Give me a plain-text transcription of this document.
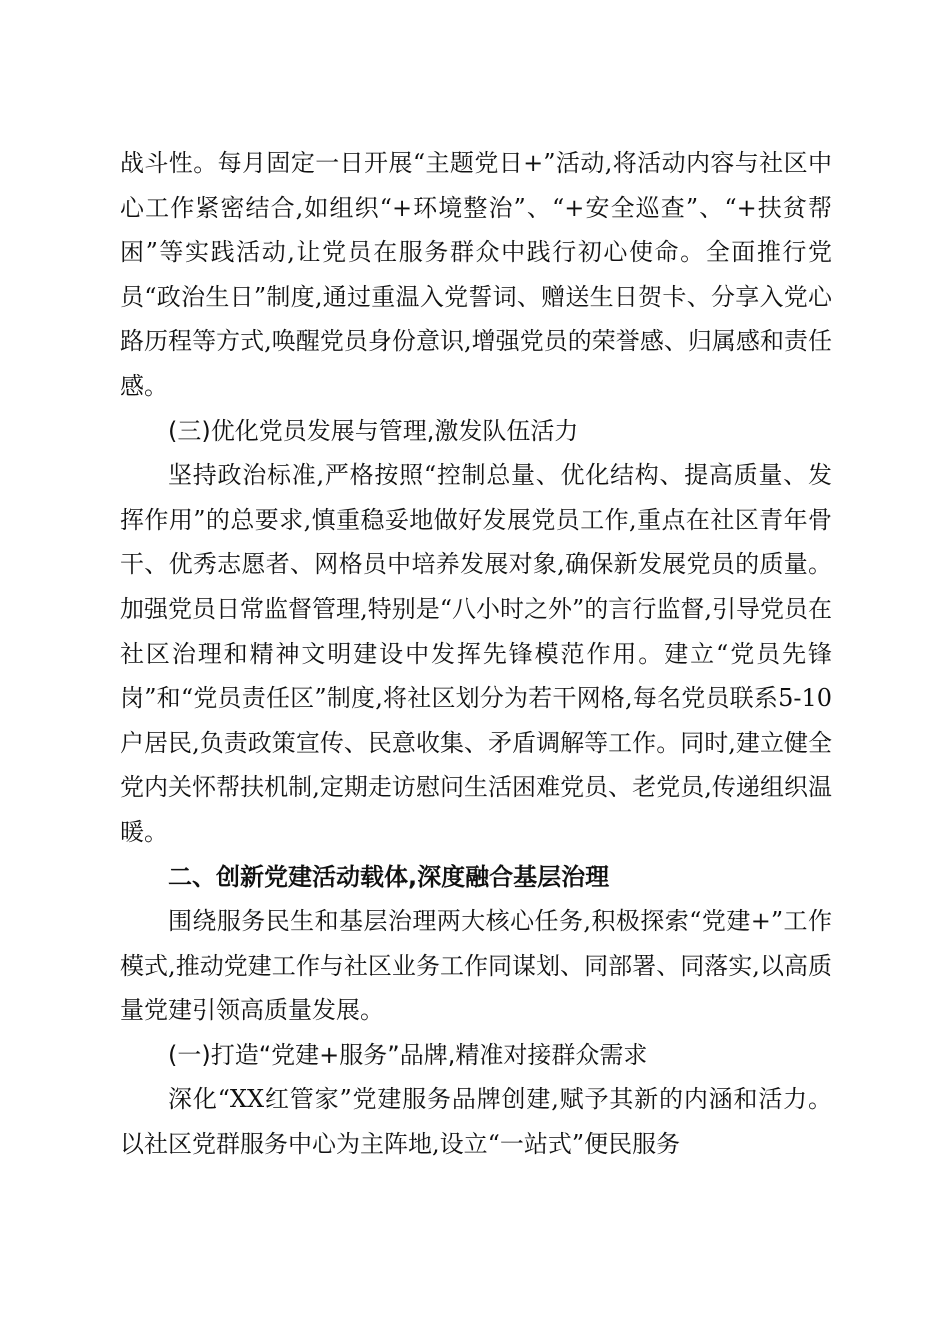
战斗性。每月固定一日开展“主题党日+”活动,将活动内容与社区中心工作紧密结合,如组织“+环境整治”、“+安全巡查”、“+扶贫帮困”等实践活动,让党员在服务群众中践行初心使命。全面推行党员“政治生日”制度,通过重温入党誓词、赠送生日贺卡、分享入党心路历程等方式,唤醒党员身份意识,增强党员的荣誉感、归属感和责任感。

(三)优化党员发展与管理,激发队伍活力

坚持政治标准,严格按照“控制总量、优化结构、提高质量、发挥作用”的总要求,慎重稳妥地做好发展党员工作,重点在社区青年骨干、优秀志愿者、网格员中培养发展对象,确保新发展党员的质量。加强党员日常监督管理,特别是“八小时之外”的言行监督,引导党员在社区治理和精神文明建设中发挥先锋模范作用。建立“党员先锋岗”和“党员责任区”制度,将社区划分为若干网格,每名党员联系5-10户居民,负责政策宣传、民意收集、矛盾调解等工作。同时,建立健全党内关怀帮扶机制,定期走访慰问生活困难党员、老党员,传递组织温暖。

二、创新党建活动载体,深度融合基层治理

围绕服务民生和基层治理两大核心任务,积极探索“党建+”工作模式,推动党建工作与社区业务工作同谋划、同部署、同落实,以高质量党建引领高质量发展。

(一)打造“党建+服务”品牌,精准对接群众需求

深化“XX红管家”党建服务品牌创建,赋予其新的内涵和活力。以社区党群服务中心为主阵地,设立“一站式”便民服务
